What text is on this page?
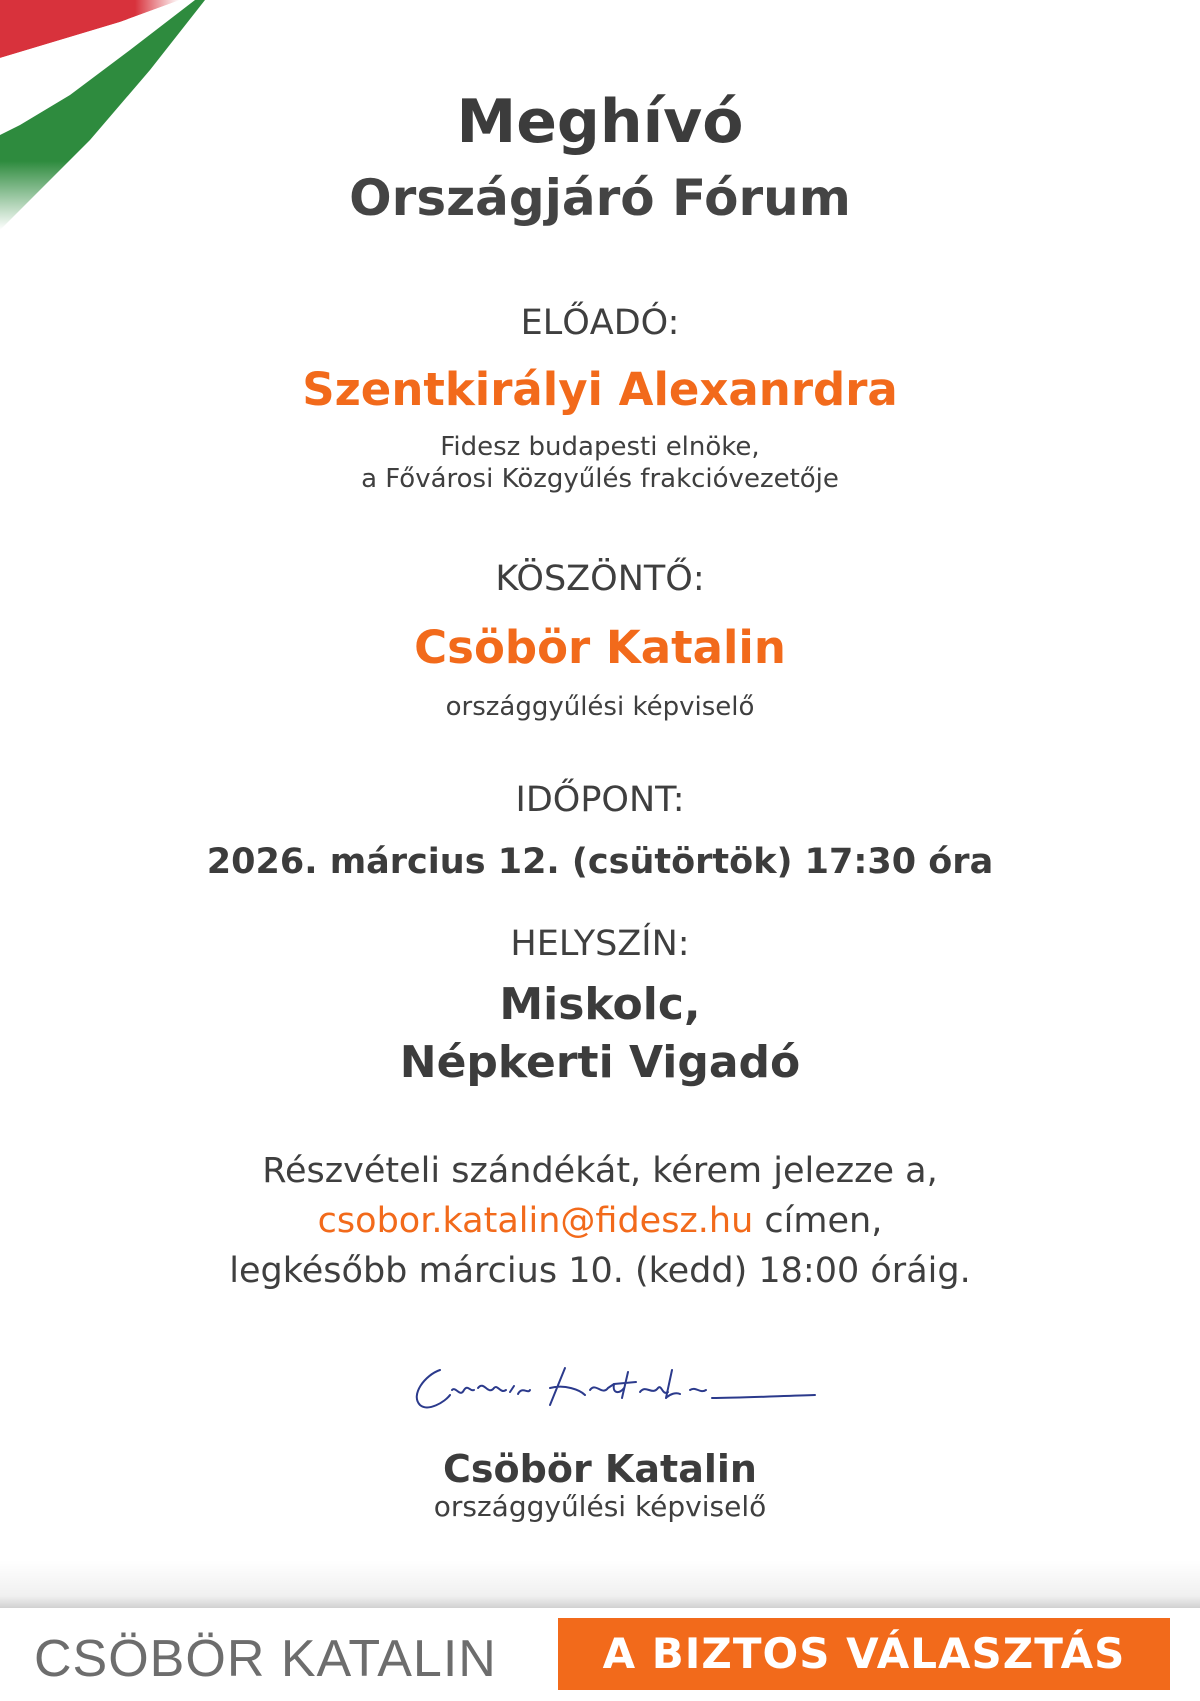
Meghívó
Országjáró Fórum
ELŐADÓ:
Szentkirályi Alexanrdra
Fidesz budapesti elnöke,
a Fővárosi Közgyűlés frakcióvezetője
KÖSZÖNTŐ:
Csöbör Katalin
országgyűlési képviselő
IDŐPONT:
2026. március 12. (csütörtök) 17:30 óra
HELYSZÍN:
Miskolc,
Népkerti Vigadó
Részvételi szándékát, kérem jelezze a,
csobor.katalin@fidesz.hu címen,
legkésőbb március 10. (kedd) 18:00 óráig.
Csöbör Katalin
országgyűlési képviselő
CSÖBÖR KATALIN	A BIZTOS VÁLASZTÁS
